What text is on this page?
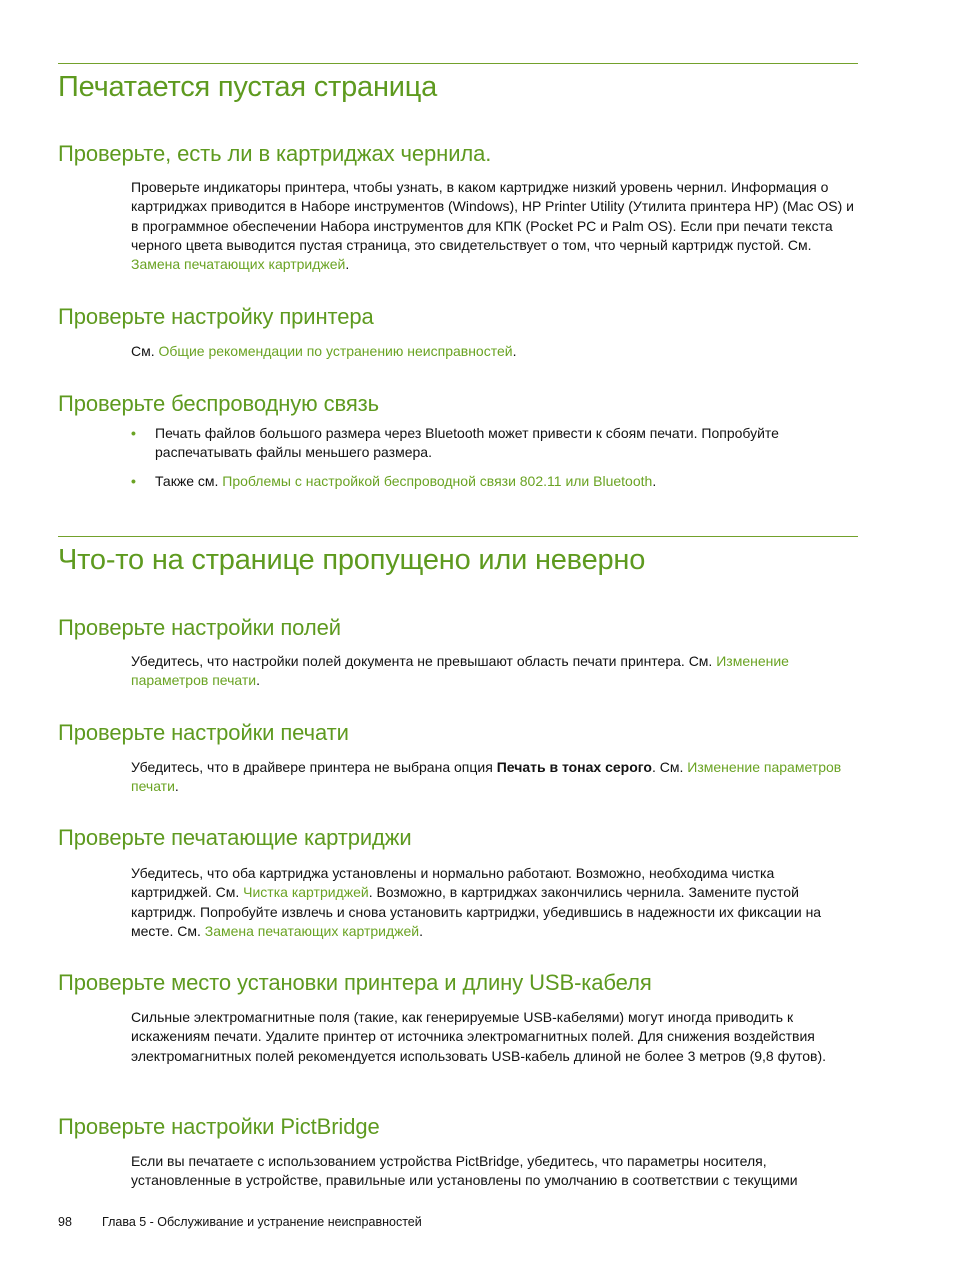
Печатается пустая страница
Проверьте, есть ли в картриджах чернила.

Проверьте индикаторы принтера, чтобы узнать, в каком картридже низкий уровень чернил. Информация о картриджах приводится в Наборе инструментов (Windows), HP Printer Utility (Утилита принтера HP) (Mac OS) и в программное обеспечении Набора инструментов для КПК (Pocket PC и Palm OS). Если при печати текста черного цвета выводится пустая страница, это свидетельствует о том, что черный картридж пустой. См. Замена печатающих картриджей.

Проверьте настройку принтера

См. Общие рекомендации по устранению неисправностей.

Проверьте беспроводную связь
• Печать файлов большого размера через Bluetooth может привести к сбоям печати. Попробуйте распечатывать файлы меньшего размера.
• Также см. Проблемы с настройкой беспроводной связи 802.11 или Bluetooth.
Что-то на странице пропущено или неверно
Проверьте настройки полей

Убедитесь, что настройки полей документа не превышают область печати принтера. См. Изменение параметров печати.

Проверьте настройки печати

Убедитесь, что в драйвере принтера не выбрана опция Печать в тонах серого. См. Изменение параметров печати.

Проверьте печатающие картриджи

Убедитесь, что оба картриджа установлены и нормально работают. Возможно, необходима чистка картриджей. См. Чистка картриджей. Возможно, в картриджах закончились чернила. Замените пустой картридж. Попробуйте извлечь и снова установить картриджи, убедившись в надежности их фиксации на месте. См. Замена печатающих картриджей.

Проверьте место установки принтера и длину USB-кабеля

Сильные электромагнитные поля (такие, как генерируемые USB-кабелями) могут иногда приводить к искажениям печати. Удалите принтер от источника электромагнитных полей. Для снижения воздействия электромагнитных полей рекомендуется использовать USB-кабель длиной не более 3 метров (9,8 футов).

Проверьте настройки PictBridge

Если вы печатаете с использованием устройства PictBridge, убедитесь, что параметры носителя, установленные в устройстве, правильные или установлены по умолчанию в соответствии с текущими

98 Глава 5 - Обслуживание и устранение неисправностей
